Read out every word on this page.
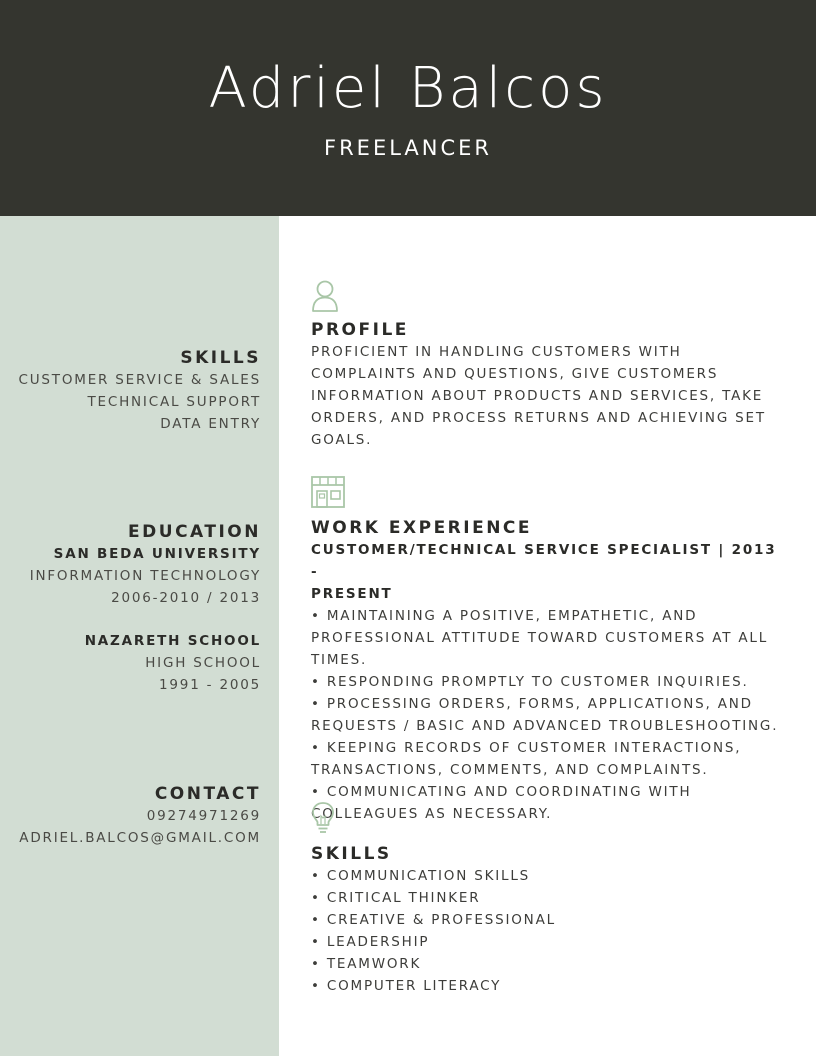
Adriel Balcos
FREELANCER
SKILLS
CUSTOMER SERVICE & SALES
TECHNICAL SUPPORT
DATA ENTRY
EDUCATION
SAN BEDA UNIVERSITY
INFORMATION TECHNOLOGY
2006-2010 / 2013
NAZARETH SCHOOL
HIGH SCHOOL
1991 - 2005
CONTACT
09274971269
ADRIEL.BALCOS@GMAIL.COM
PROFILE
PROFICIENT IN HANDLING CUSTOMERS WITH
COMPLAINTS AND QUESTIONS, GIVE CUSTOMERS
INFORMATION ABOUT PRODUCTS AND SERVICES, TAKE
ORDERS, AND PROCESS RETURNS AND ACHIEVING SET
GOALS.
WORK EXPERIENCE
CUSTOMER/TECHNICAL SERVICE SPECIALIST | 2013 -
PRESENT
• MAINTAINING A POSITIVE, EMPATHETIC, AND
PROFESSIONAL ATTITUDE TOWARD CUSTOMERS AT ALL
TIMES.
• RESPONDING PROMPTLY TO CUSTOMER INQUIRIES.
• PROCESSING ORDERS, FORMS, APPLICATIONS, AND
REQUESTS / BASIC AND ADVANCED TROUBLESHOOTING.
• KEEPING RECORDS OF CUSTOMER INTERACTIONS,
TRANSACTIONS, COMMENTS, AND COMPLAINTS.
• COMMUNICATING AND COORDINATING WITH
COLLEAGUES AS NECESSARY.
SKILLS
• COMMUNICATION SKILLS
• CRITICAL THINKER
• CREATIVE & PROFESSIONAL
• LEADERSHIP
• TEAMWORK
• COMPUTER LITERACY
